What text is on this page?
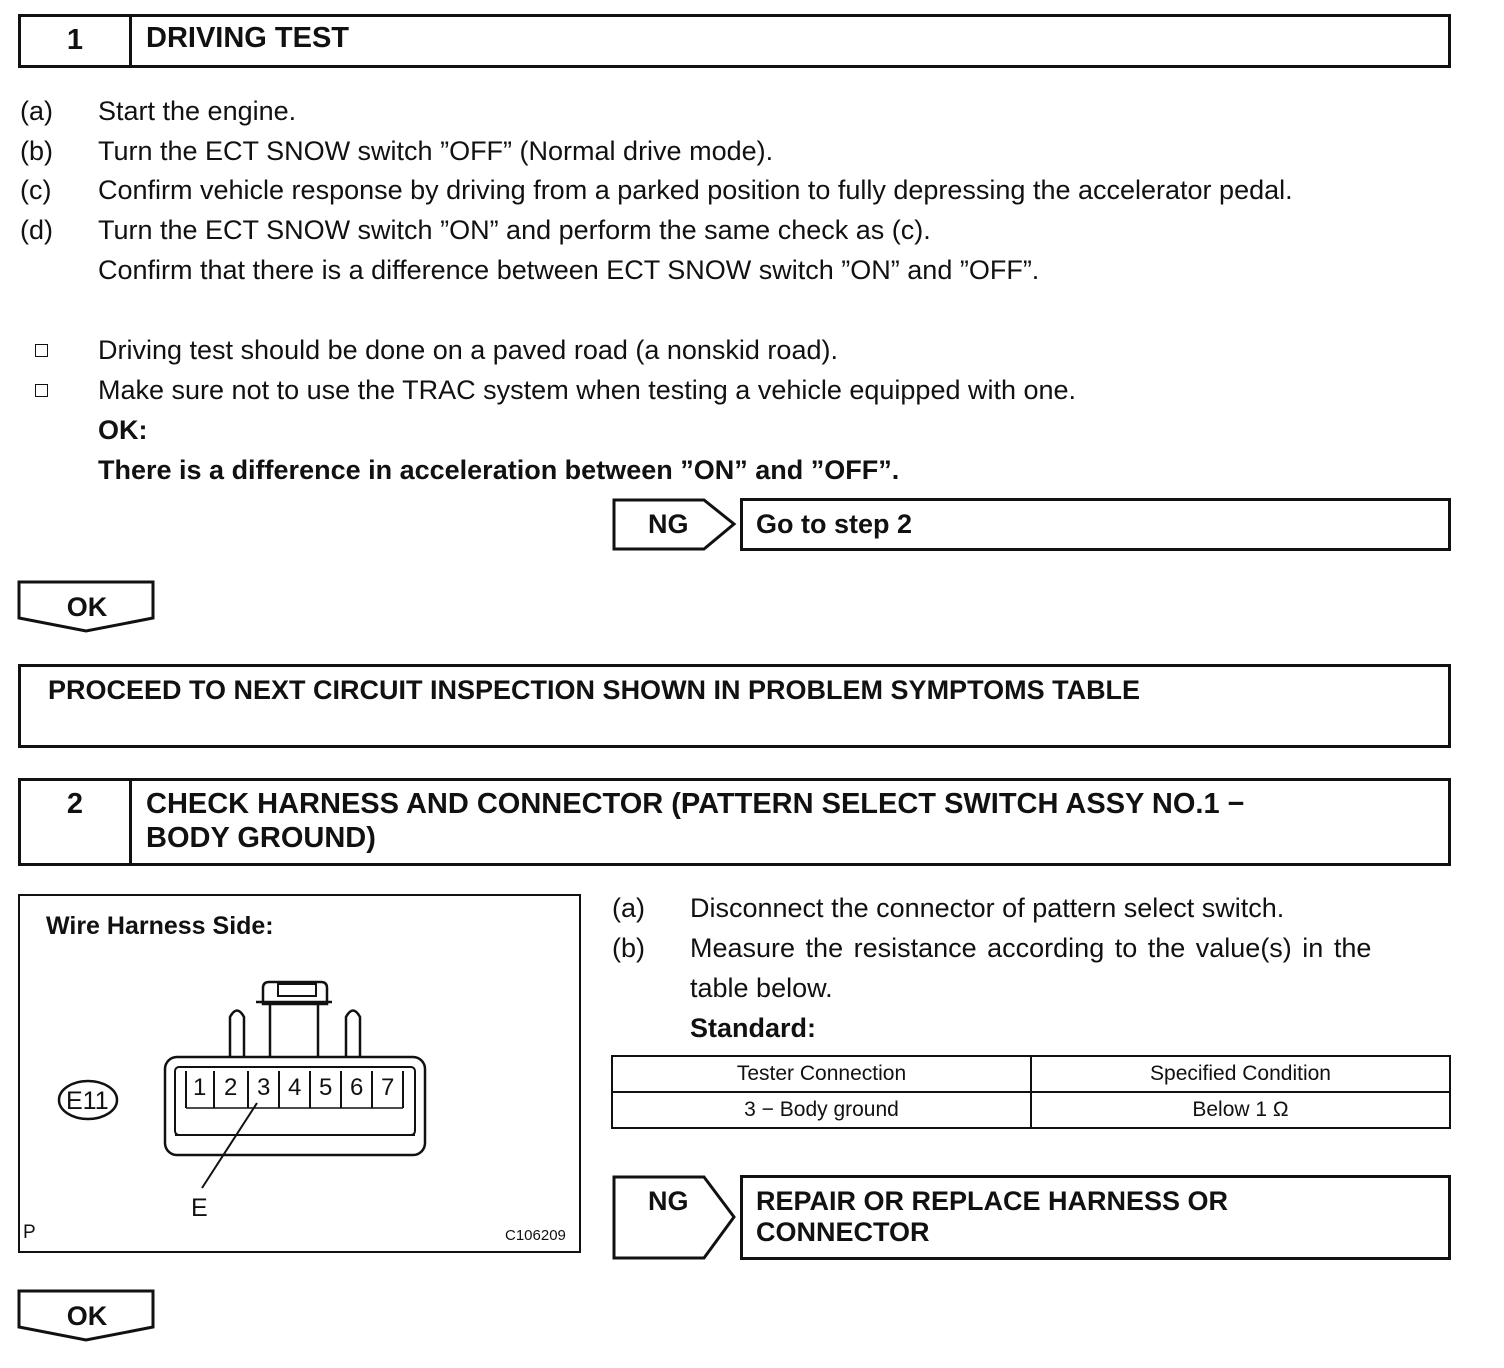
1	DRIVING TEST
(a) Start the engine.
(b) Turn the ECT SNOW switch ”OFF” (Normal drive mode).
(c) Confirm vehicle response by driving from a parked position to fully depressing the accelerator pedal.
(d) Turn the ECT SNOW switch ”ON” and perform the same check as (c).
Confirm that there is a difference between ECT SNOW switch ”ON” and ”OFF”.
Driving test should be done on a paved road (a nonskid road).
Make sure not to use the TRAC system when testing a vehicle equipped with one.
OK:
There is a difference in acceleration between ”ON” and ”OFF”.
NG	Go to step 2
OK
PROCEED TO NEXT CIRCUIT INSPECTION SHOWN IN PROBLEM SYMPTOMS TABLE
2	CHECK HARNESS AND CONNECTOR (PATTERN SELECT SWITCH ASSY NO.1 −
BODY GROUND)
Wire Harness Side:
E11	1 2 3 4 5 6 7
E
P	C106209
(a) Disconnect the connector of pattern select switch.
(b) Measure the resistance according to the value(s) in the
table below.
Standard:
Tester Connection	Specified Condition
3 − Body ground	Below 1 Ω
NG	REPAIR OR REPLACE HARNESS OR
CONNECTOR
OK
